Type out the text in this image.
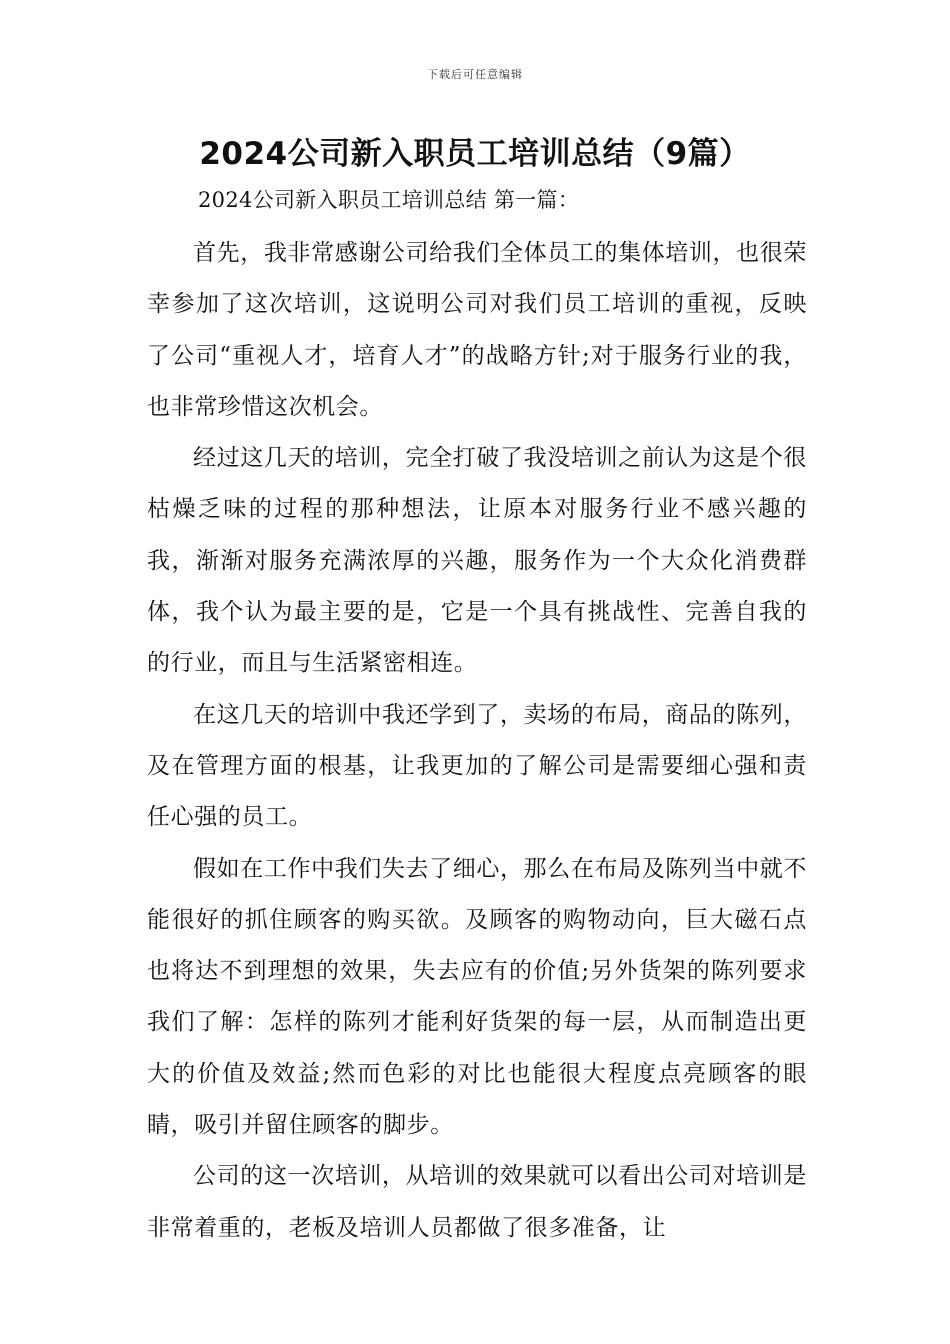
下载后可任意编辑
2024公司新入职员工培训总结（9篇）
2024公司新入职员工培训总结 第一篇：

首先，我非常感谢公司给我们全体员工的集体培训，也很荣幸参加了这次培训，这说明公司对我们员工培训的重视，反映了公司“重视人才，培育人才”的战略方针;对于服务行业的我，也非常珍惜这次机会。

经过这几天的培训，完全打破了我没培训之前认为这是个很枯燥乏味的过程的那种想法，让原本对服务行业不感兴趣的我，渐渐对服务充满浓厚的兴趣，服务作为一个大众化消费群体，我个认为最主要的是，它是一个具有挑战性、完善自我的的行业，而且与生活紧密相连。

在这几天的培训中我还学到了，卖场的布局，商品的陈列，及在管理方面的根基，让我更加的了解公司是需要细心强和责任心强的员工。

假如在工作中我们失去了细心，那么在布局及陈列当中就不能很好的抓住顾客的购买欲。及顾客的购物动向，巨大磁石点也将达不到理想的效果，失去应有的价值;另外货架的陈列要求我们了解：怎样的陈列才能利好货架的每一层，从而制造出更大的价值及效益;然而色彩的对比也能很大程度点亮顾客的眼睛，吸引并留住顾客的脚步。

公司的这一次培训，从培训的效果就可以看出公司对培训是非常着重的，老板及培训人员都做了很多准备，让
